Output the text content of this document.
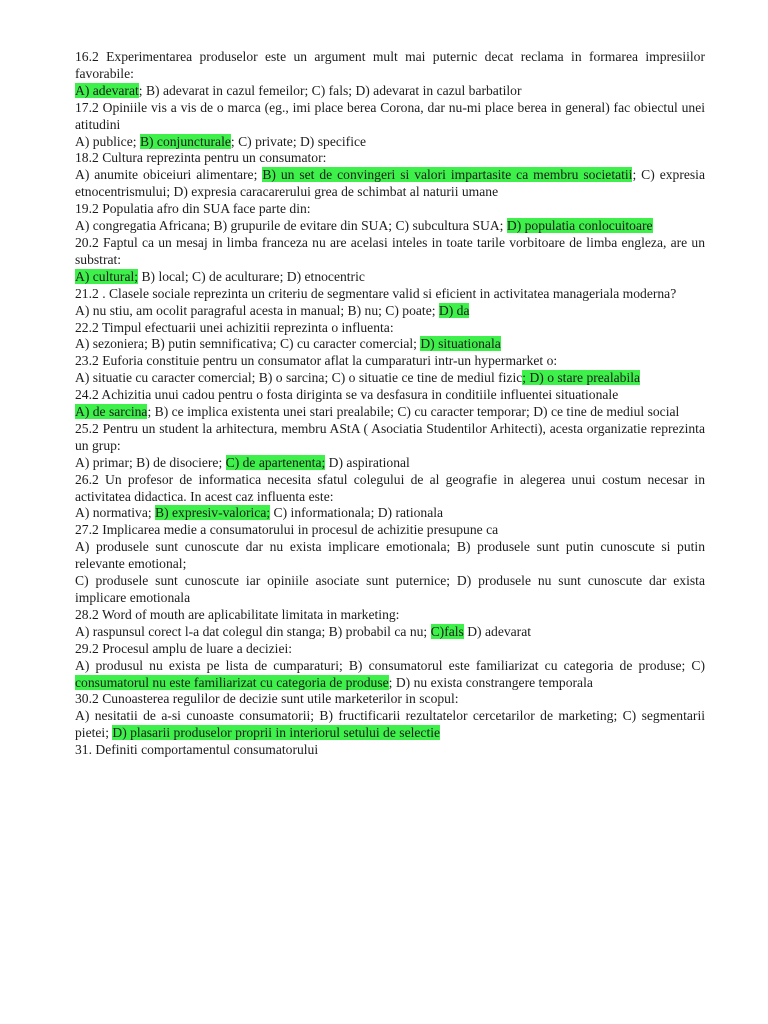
16.2 Experimentarea produselor este un argument mult mai puternic decat reclama in formarea impresiilor favorabile:

A) adevarat; B) adevarat in cazul femeilor; C) fals; D) adevarat in cazul barbatilor

17.2 Opiniile vis a vis de o marca (eg., imi place berea Corona, dar nu-mi place berea in general) fac obiectul unei atitudini

A) publice; B) conjuncturale; C) private; D) specifice

18.2 Cultura reprezinta pentru un consumator:

A) anumite obiceiuri alimentare; B) un set de convingeri si valori impartasite ca membru societatii; C) expresia etnocentrismului; D) expresia caracarerului grea de schimbat al naturii umane

19.2 Populatia afro din SUA face parte din:

A) congregatia Africana; B) grupurile de evitare din SUA; C) subcultura SUA; D) populatia conlocuitoare

20.2 Faptul ca un mesaj in limba franceza nu are acelasi inteles in toate tarile vorbitoare de limba engleza, are un substrat:

A) cultural; B) local; C) de aculturare; D) etnocentric

21.2 . Clasele sociale reprezinta un criteriu de segmentare valid si eficient in activitatea manageriala moderna?

A) nu stiu, am ocolit paragraful acesta in manual; B) nu; C) poate; D) da

22.2 Timpul efectuarii unei achizitii reprezinta o influenta:

A) sezoniera; B) putin semnificativa; C) cu caracter comercial; D) situationala

23.2 Euforia constituie pentru un consumator aflat la cumparaturi intr-un hypermarket o:

A) situatie cu caracter comercial; B) o sarcina; C) o situatie ce tine de mediul fizic; D) o stare prealabila

24.2 Achizitia unui cadou pentru o fosta diriginta se va desfasura in conditiile influentei situationale

A) de sarcina; B) ce implica existenta unei stari prealabile; C) cu caracter temporar; D) ce tine de mediul social

25.2 Pentru un student la arhitectura, membru AStA ( Asociatia Studentilor Arhitecti), acesta organizatie reprezinta un grup:

A) primar; B) de disociere; C) de apartenenta; D) aspirational

26.2 Un profesor de informatica necesita sfatul colegului de al geografie in alegerea unui costum necesar in activitatea didactica. In acest caz influenta este:

A) normativa; B) expresiv-valorica; C) informationala; D) rationala

27.2 Implicarea medie a consumatorului in procesul de achizitie presupune ca

A) produsele sunt cunoscute dar nu exista implicare emotionala; B) produsele sunt putin cunoscute si putin relevante emotional;

C) produsele sunt cunoscute iar opiniile asociate sunt puternice; D) produsele nu sunt cunoscute dar exista implicare emotionala

28.2 Word of mouth are aplicabilitate limitata in marketing:

A) raspunsul corect l-a dat colegul din stanga; B) probabil ca nu; C)fals D) adevarat

29.2 Procesul amplu de luare a deciziei:

A) produsul nu exista pe lista de cumparaturi; B) consumatorul este familiarizat cu categoria de produse; C) consumatorul nu este familiarizat cu categoria de produse; D) nu exista constrangere temporala

30.2 Cunoasterea regulilor de decizie sunt utile marketerilor in scopul:

A) nesitatii de a-si cunoaste consumatorii; B) fructificarii rezultatelor cercetarilor de marketing; C) segmentarii pietei; D) plasarii produselor proprii in interiorul setului de selectie

31. Definiti comportamentul consumatorului
